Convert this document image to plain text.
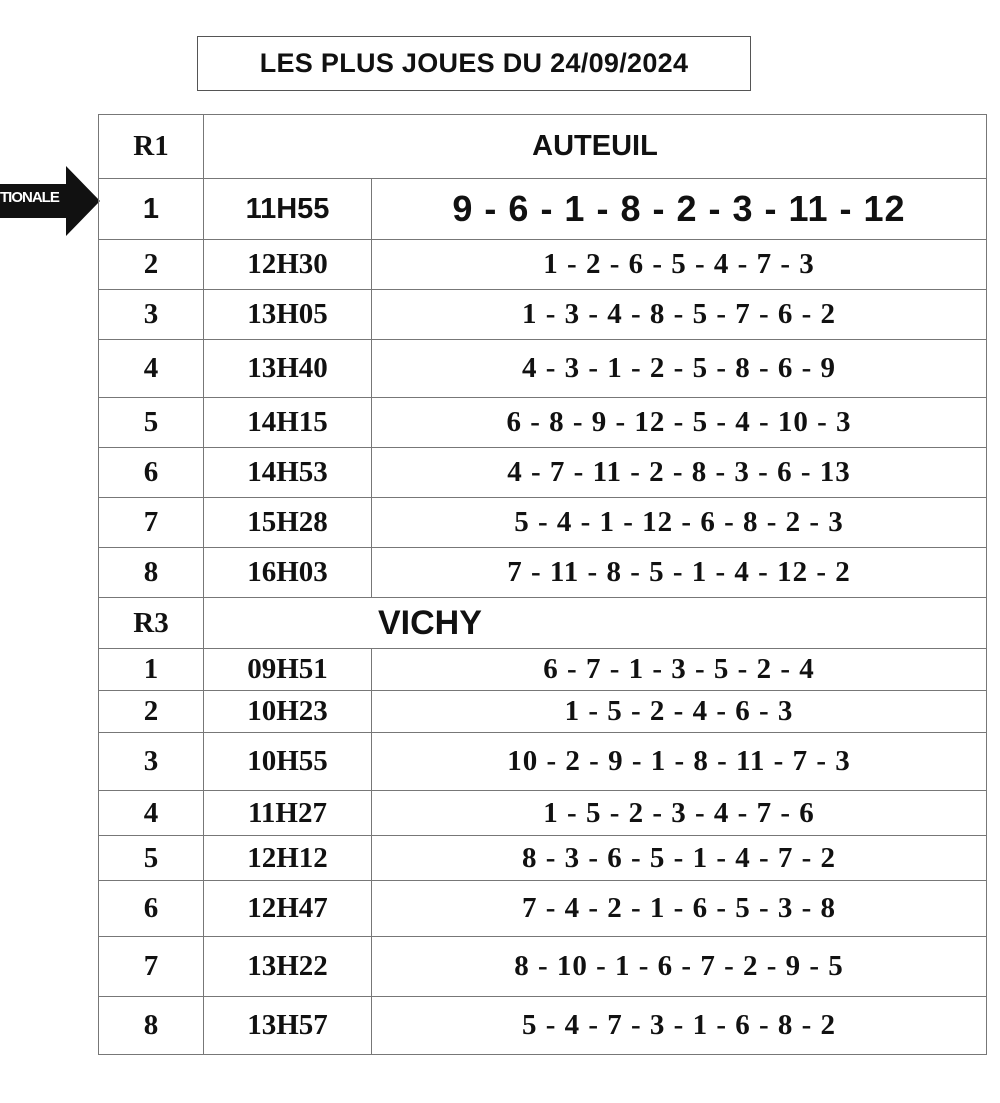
LES PLUS JOUES DU 24/09/2024
TIONALE
R1	AUTEUIL	
1	11H55	9 - 6 - 1 - 8 - 2 - 3 - 11 - 12
2	12H30	1 - 2 - 6 - 5 - 4 - 7 - 3
3	13H05	1 - 3 - 4 - 8 - 5 - 7 - 6 - 2
4	13H40	4 - 3 - 1 - 2 - 5 - 8 - 6 - 9
5	14H15	6 - 8 - 9 - 12 - 5 - 4 - 10 - 3
6	14H53	4 - 7 - 11 - 2 - 8 - 3 - 6 - 13
7	15H28	5 - 4 - 1 - 12 - 6 - 8 - 2 - 3
8	16H03	7 - 11 - 8 - 5 - 1 - 4 - 12 - 2
R3	VICHY	
1	09H51	6 - 7 - 1 - 3 - 5 - 2 - 4
2	10H23	1 - 5 - 2 - 4 - 6 - 3
3	10H55	10 - 2 - 9 - 1 - 8 - 11 - 7 - 3
4	11H27	1 - 5 - 2 - 3 - 4 - 7 - 6
5	12H12	8 - 3 - 6 - 5 - 1 - 4 - 7 - 2
6	12H47	7 - 4 - 2 - 1 - 6 - 5 - 3 - 8
7	13H22	8 - 10 - 1 - 6 - 7 - 2 - 9 - 5
8	13H57	5 - 4 - 7 - 3 - 1 - 6 - 8 - 2
